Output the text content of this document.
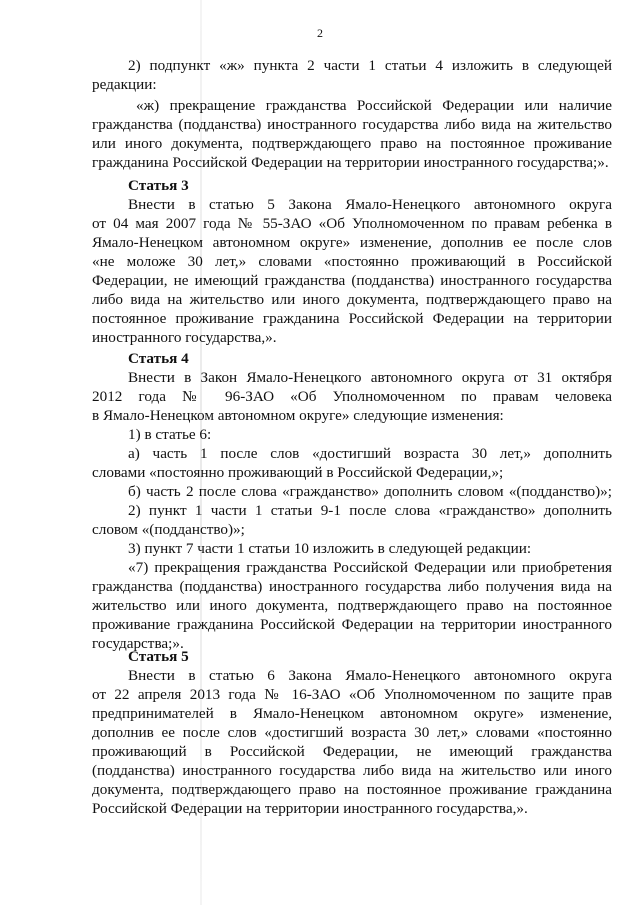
2
2) подпункт «ж» пункта 2 части 1 статьи 4 изложить в следующей
редакции:
«ж) прекращение гражданства Российской Федерации или наличие
гражданства (подданства) иностранного государства либо вида на жительство
или иного документа, подтверждающего право на постоянное проживание
гражданина Российской Федерации на территории иностранного государства;».
Статья 3
Внести в статью 5 Закона Ямало-Ненецкого автономного округа
от 04 мая 2007 года № 55-ЗАО «Об Уполномоченном по правам ребенка в
Ямало-Ненецком автономном округе» изменение, дополнив ее после слов
«не моложе 30 лет,» словами «постоянно проживающий в Российской
Федерации, не имеющий гражданства (подданства) иностранного государства
либо вида на жительство или иного документа, подтверждающего право на
постоянное проживание гражданина Российской Федерации на территории
иностранного государства,».
Статья 4
Внести в Закон Ямало-Ненецкого автономного округа от 31 октября
2012 года № 96-ЗАО «Об Уполномоченном по правам человека
в Ямало-Ненецком автономном округе» следующие изменения:
1) в статье 6:
а) часть 1 после слов «достигший возраста 30 лет,» дополнить
словами «постоянно проживающий в Российской Федерации,»;
б) часть 2 после слова «гражданство» дополнить словом «(подданство)»;
2) пункт 1 части 1 статьи 9-1 после слова «гражданство» дополнить
словом «(подданство)»;
3) пункт 7 части 1 статьи 10 изложить в следующей редакции:
«7) прекращения гражданства Российской Федерации или приобретения
гражданства (подданства) иностранного государства либо получения вида на
жительство или иного документа, подтверждающего право на постоянное
проживание гражданина Российской Федерации на территории иностранного
государства;».
Статья 5
Внести в статью 6 Закона Ямало-Ненецкого автономного округа
от 22 апреля 2013 года № 16-ЗАО «Об Уполномоченном по защите прав
предпринимателей в Ямало-Ненецком автономном округе» изменение,
дополнив ее после слов «достигший возраста 30 лет,» словами «постоянно
проживающий в Российской Федерации, не имеющий гражданства
(подданства) иностранного государства либо вида на жительство или иного
документа, подтверждающего право на постоянное проживание гражданина
Российской Федерации на территории иностранного государства,».
